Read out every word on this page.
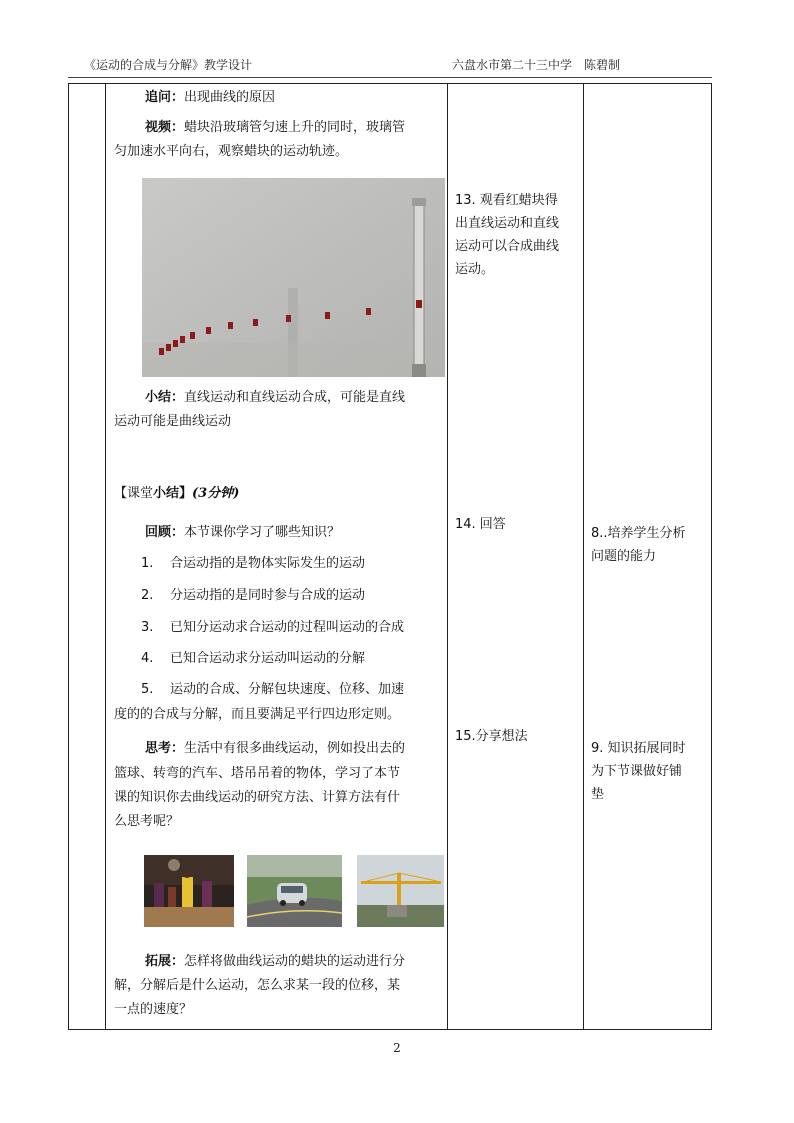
《运动的合成与分解》教学设计	六盘水市第二十三中学　陈碧制
追问：出现曲线的原因
视频：蜡块沿玻璃管匀速上升的同时，玻璃管
匀加速水平向右，观察蜡块的运动轨迹。
小结：直线运动和直线运动合成，可能是直线
运动可能是曲线运动
【课堂小结】(3分钟)
回顾：本节课你学习了哪些知识？
1. 合运动指的是物体实际发生的运动
2. 分运动指的是同时参与合成的运动
3. 已知分运动求合运动的过程叫运动的合成
4. 已知合运动求分运动叫运动的分解
5. 运动的合成、分解包块速度、位移、加速
度的的合成与分解，而且要满足平行四边形定则。
思考：生活中有很多曲线运动，例如投出去的
篮球、转弯的汽车、塔吊吊着的物体，学习了本节
课的知识你去曲线运动的研究方法、计算方法有什
么思考呢？
拓展：怎样将做曲线运动的蜡块的运动进行分
解，分解后是什么运动，怎么求某一段的位移，某
一点的速度？
13. 观看红蜡块得
出直线运动和直线
运动可以合成曲线
运动。
14. 回答
15.分享想法
8..培养学生分析
问题的能力
9. 知识拓展同时
为下节课做好铺
垫
2
